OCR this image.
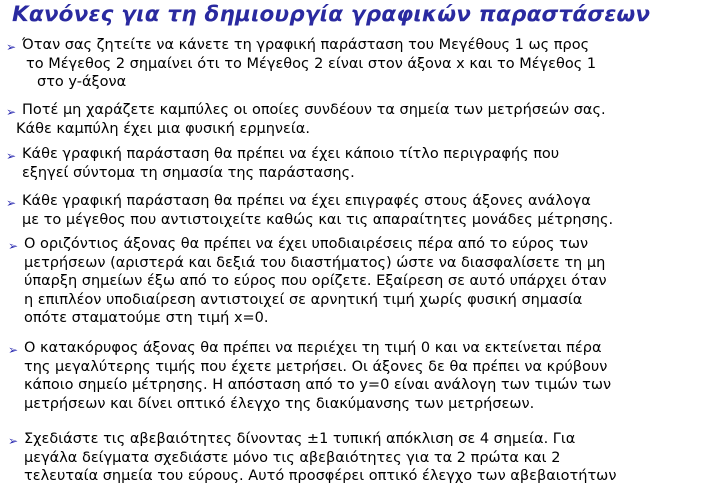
Κανόνες για τη δημιουργία γραφικών παραστάσεων
➢ Όταν σας ζητείτε να κάνετε τη γραφική παράσταση του Μεγέθους 1 ως προς
το Μέγεθος 2 σημαίνει ότι το Μέγεθος 2 είναι στον άξονα x και το Μέγεθος 1
στο y-άξονα
➢ Ποτέ μη χαράζετε καμπύλες οι οποίες συνδέουν τα σημεία των μετρήσεών σας.
Κάθε καμπύλη έχει μια φυσική ερμηνεία.
➢ Κάθε γραφική παράσταση θα πρέπει να έχει κάποιο τίτλο περιγραφής που
εξηγεί σύντομα τη σημασία της παράστασης.
➢ Κάθε γραφική παράσταση θα πρέπει να έχει επιγραφές στους άξονες ανάλογα
με το μέγεθος που αντιστοιχείτε καθώς και τις απαραίτητες μονάδες μέτρησης.
➢ Ο οριζόντιος άξονας θα πρέπει να έχει υποδιαιρέσεις πέρα από το εύρος των
μετρήσεων (αριστερά και δεξιά του διαστήματος) ώστε να διασφαλίσετε τη μη
ύπαρξη σημείων έξω από το εύρος που ορίζετε. Εξαίρεση σε αυτό υπάρχει όταν
η επιπλέον υποδιαίρεση αντιστοιχεί σε αρνητική τιμή χωρίς φυσική σημασία
οπότε σταματούμε στη τιμή x=0.
➢ Ο κατακόρυφος άξονας θα πρέπει να περιέχει τη τιμή 0 και να εκτείνεται πέρα
της μεγαλύτερης τιμής που έχετε μετρήσει. Οι άξονες δε θα πρέπει να κρύβουν
κάποιο σημείο μέτρησης. Η απόσταση από το y=0 είναι ανάλογη των τιμών των
μετρήσεων και δίνει οπτικό έλεγχο της διακύμανσης των μετρήσεων.
➢ Σχεδιάστε τις αβεβαιότητες δίνοντας ±1 τυπική απόκλιση σε 4 σημεία. Για
μεγάλα δείγματα σχεδιάστε μόνο τις αβεβαιότητες για τα 2 πρώτα και 2
τελευταία σημεία του εύρους. Αυτό προσφέρει οπτικό έλεγχο των αβεβαιοτήτων
